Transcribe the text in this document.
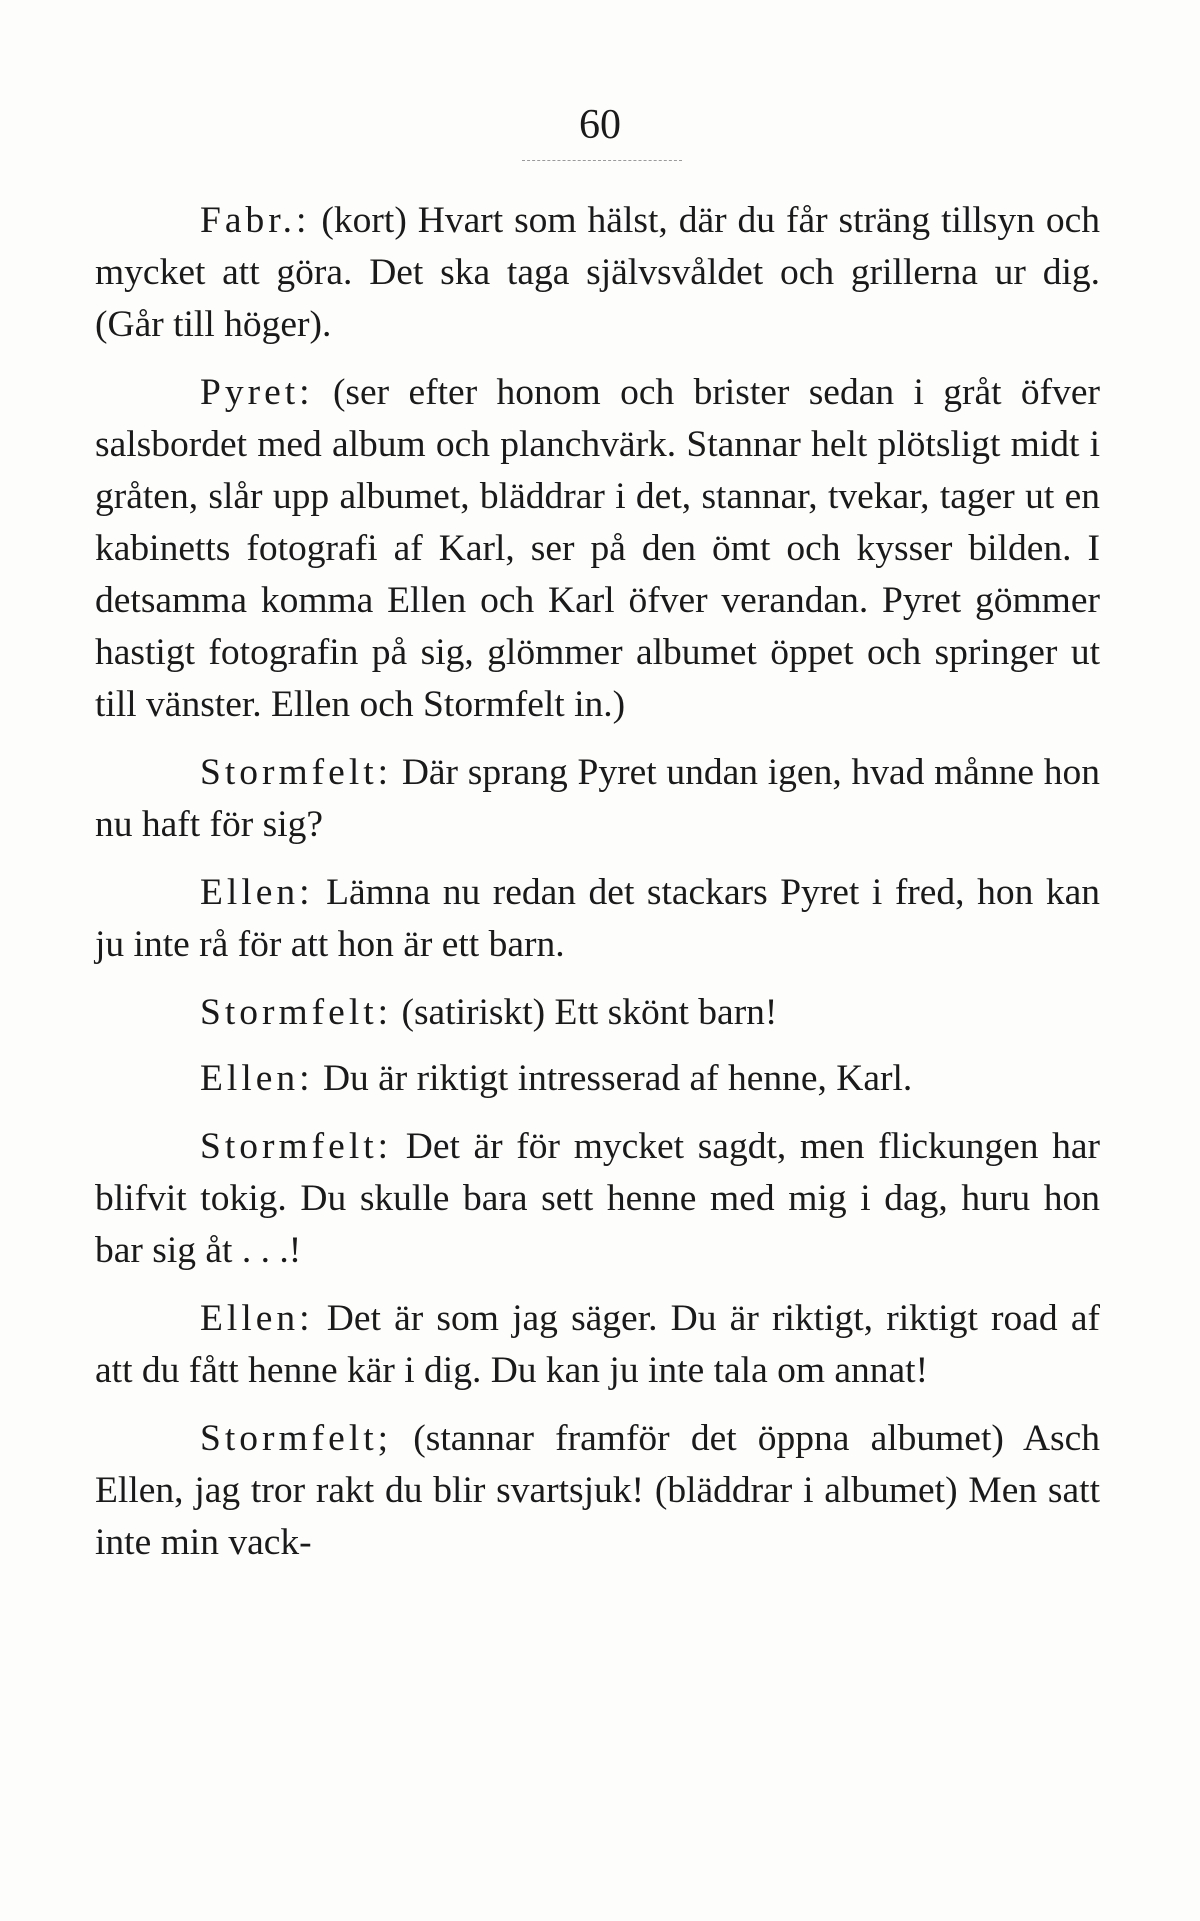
60

Fabr.: (kort) Hvart som hälst, där du får sträng tillsyn och mycket att göra. Det ska taga självsvåldet och grillerna ur dig. (Går till höger).

Pyret: (ser efter honom och brister sedan i gråt öfver salsbordet med album och planchvärk. Stannar helt plötsligt midt i gråten, slår upp albumet, bläddrar i det, stannar, tvekar, tager ut en kabinetts fotografi af Karl, ser på den ömt och kysser bilden. I detsamma komma Ellen och Karl öfver verandan. Pyret gömmer hastigt fotografin på sig, glömmer albumet öppet och springer ut till vänster. Ellen och Stormfelt in.)

Stormfelt: Där sprang Pyret undan igen, hvad månne hon nu haft för sig?

Ellen: Lämna nu redan det stackars Pyret i fred, hon kan ju inte rå för att hon är ett barn.

Stormfelt: (satiriskt) Ett skönt barn!

Ellen: Du är riktigt intresserad af henne, Karl.

Stormfelt: Det är för mycket sagdt, men flickungen har blifvit tokig. Du skulle bara sett henne med mig i dag, huru hon bar sig åt . . .!

Ellen: Det är som jag säger. Du är riktigt, riktigt road af att du fått henne kär i dig. Du kan ju inte tala om annat!

Stormfelt; (stannar framför det öppna albumet) Asch Ellen, jag tror rakt du blir svartsjuk! (bläddrar i albumet) Men satt inte min vack-
